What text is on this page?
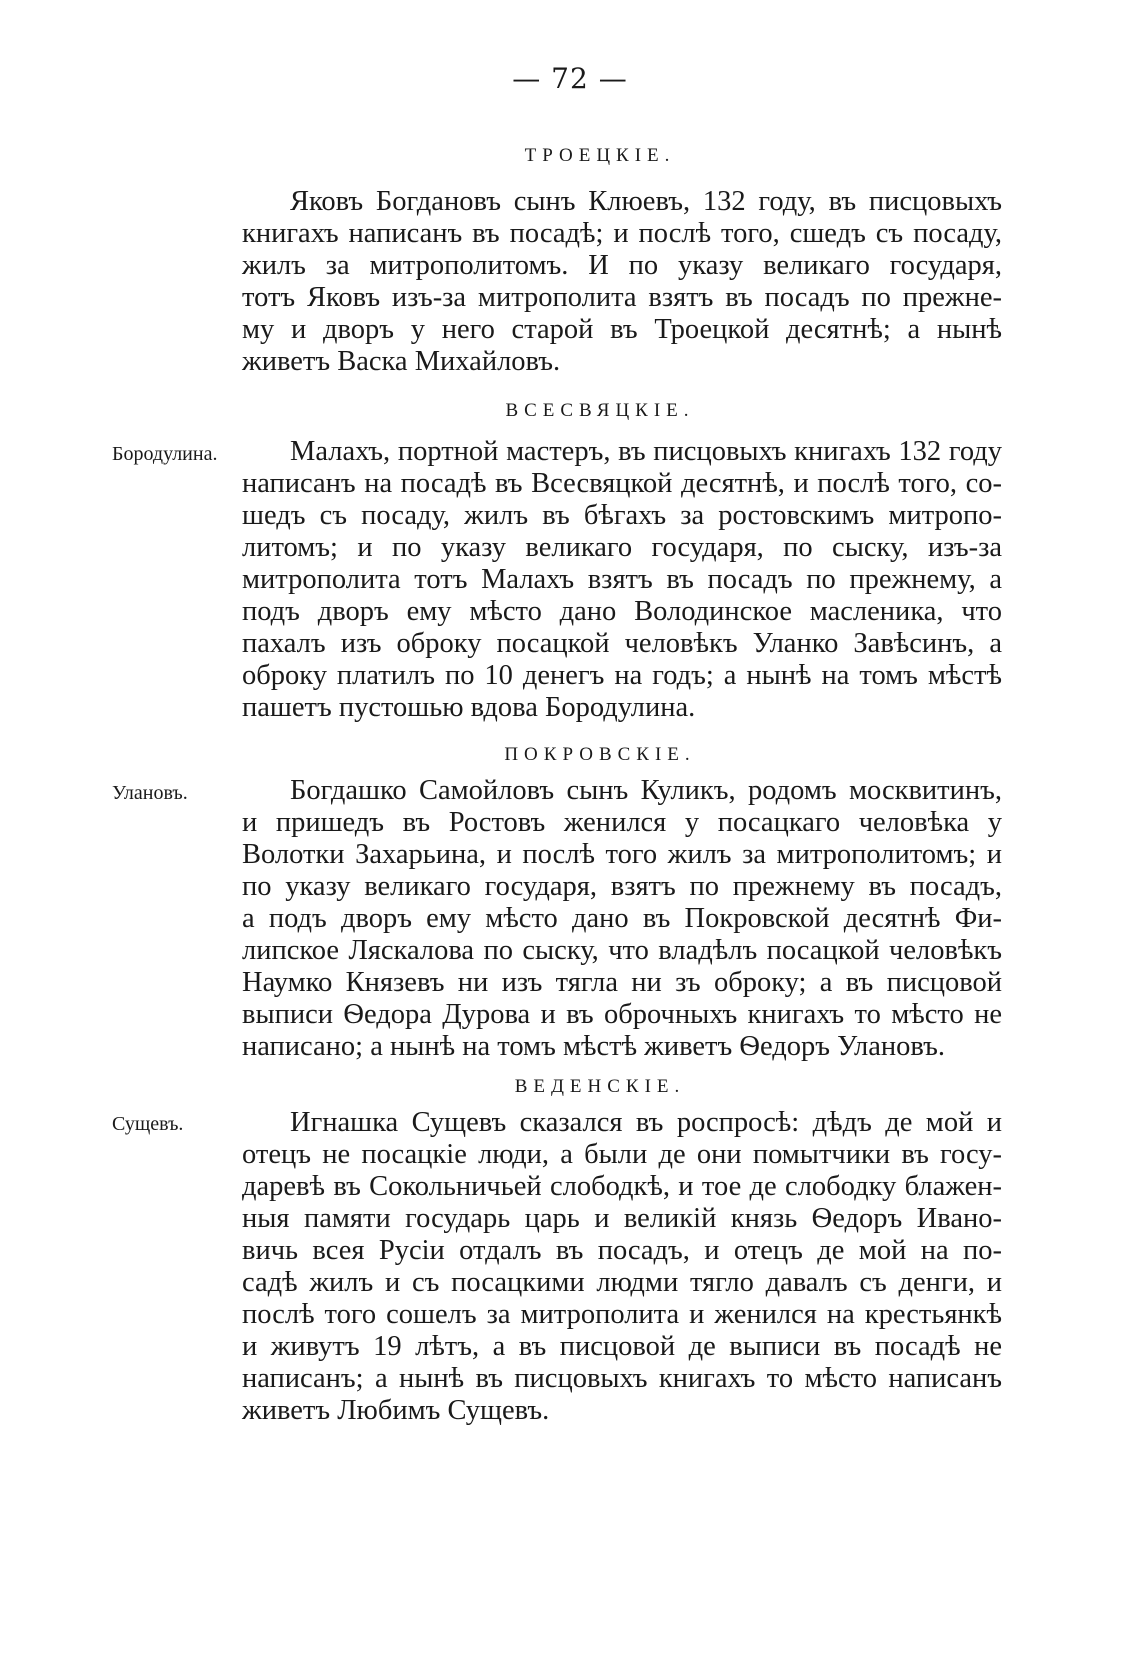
— 72 —
ТРОЕЦКІЕ.
Яковъ Богдановъ сынъ Клюевъ, 132 году, въ писцовыхъ
книгахъ написанъ въ посадѣ; и послѣ того, сшедъ съ посаду,
жилъ за митрополитомъ. И по указу великаго государя,
тотъ Яковъ изъ-за митрополита взятъ въ посадъ по прежне-
му и дворъ у него старой въ Троецкой десятнѣ; а нынѣ
живетъ Васка Михайловъ.
ВСЕСВЯЦКІЕ.
Бородулина.	Малахъ, портной мастеръ, въ писцовыхъ книгахъ 132 году
написанъ на посадѣ въ Всесвяцкой десятнѣ, и послѣ того, со-
шедъ съ посаду, жилъ въ бѣгахъ за ростовскимъ митропо-
литомъ; и по указу великаго государя, по сыску, изъ-за
митрополита тотъ Малахъ взятъ въ посадъ по прежнему, а
подъ дворъ ему мѣсто дано Володинское масленика, что
пахалъ изъ оброку посацкой человѣкъ Уланко Завѣсинъ, а
оброку платилъ по 10 денегъ на годъ; а нынѣ на томъ мѣстѣ
пашетъ пустошью вдова Бородулина.
ПОКРОВСКІЕ.
Улановъ.	Богдашко Самойловъ сынъ Куликъ, родомъ москвитинъ,
и пришедъ въ Ростовъ женился у посацкаго человѣка у
Волотки Захарьина, и послѣ того жилъ за митрополитомъ; и
по указу великаго государя, взятъ по прежнему въ посадъ,
а подъ дворъ ему мѣсто дано въ Покровской десятнѣ Фи-
липское Ляскалова по сыску, что владѣлъ посацкой человѣкъ
Наумко Князевъ ни изъ тягла ни зъ оброку; а въ писцовой
выписи Ѳедора Дурова и въ оброчныхъ книгахъ то мѣсто не
написано; а нынѣ на томъ мѣстѣ живетъ Ѳедоръ Улановъ.
ВЕДЕНСКІЕ.
Сущевъ.	Игнашка Сущевъ сказался въ роспросѣ: дѣдъ де мой и
отецъ не посацкіе люди, а были де они помытчики въ госу-
даревѣ въ Сокольничьей слободкѣ, и тое де слободку блажен-
ныя памяти государь царь и великій князь Ѳедоръ Ивано-
вичь всея Русіи отдалъ въ посадъ, и отецъ де мой на по-
садѣ жилъ и съ посацкими людми тягло давалъ съ денги, и
послѣ того сошелъ за митрополита и женился на крестьянкѣ
и живутъ 19 лѣтъ, а въ писцовой де выписи въ посадѣ не
написанъ; а нынѣ въ писцовыхъ книгахъ то мѣсто написанъ
живетъ Любимъ Сущевъ.
